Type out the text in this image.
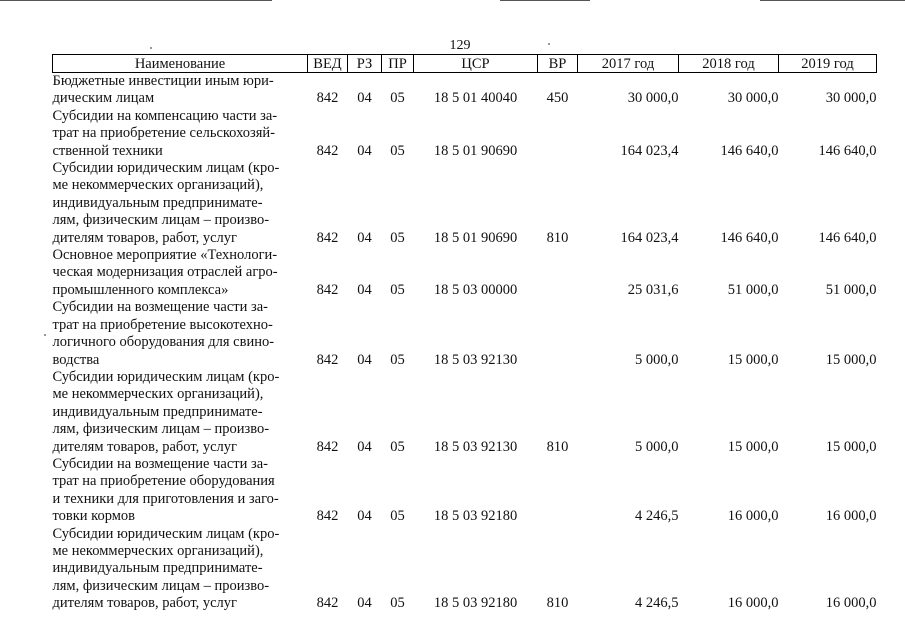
129
Наименование	ВЕД	РЗ	ПР	ЦСР	ВР	2017 год	2018 год	2019 год

Бюджетные инвестиции иным юри-
дическим лицам	842	04	05	18 5 01 40040	450	30 000,0	30 000,0	30 000,0

Субсидии на компенсацию части за-
трат на приобретение сельскохозяй-
ственной техники	842	04	05	18 5 01 90690		164 023,4	146 640,0	146 640,0

Субсидии юридическим лицам (кро-
ме некоммерческих организаций),
индивидуальным предпринимате-
лям, физическим лицам – произво-
дителям товаров, работ, услуг	842	04	05	18 5 01 90690	810	164 023,4	146 640,0	146 640,0

Основное мероприятие «Технологи-
ческая модернизация отраслей агро-
промышленного комплекса»	842	04	05	18 5 03 00000		25 031,6	51 000,0	51 000,0

Субсидии на возмещение части за-
трат на приобретение высокотехно-
логичного оборудования для свино-
водства	842	04	05	18 5 03 92130		5 000,0	15 000,0	15 000,0

Субсидии юридическим лицам (кро-
ме некоммерческих организаций),
индивидуальным предпринимате-
лям, физическим лицам – произво-
дителям товаров, работ, услуг	842	04	05	18 5 03 92130	810	5 000,0	15 000,0	15 000,0

Субсидии на возмещение части за-
трат на приобретение оборудования
и техники для приготовления и заго-
товки кормов	842	04	05	18 5 03 92180		4 246,5	16 000,0	16 000,0

Субсидии юридическим лицам (кро-
ме некоммерческих организаций),
индивидуальным предпринимате-
лям, физическим лицам – произво-
дителям товаров, работ, услуг	842	04	05	18 5 03 92180	810	4 246,5	16 000,0	16 000,0
